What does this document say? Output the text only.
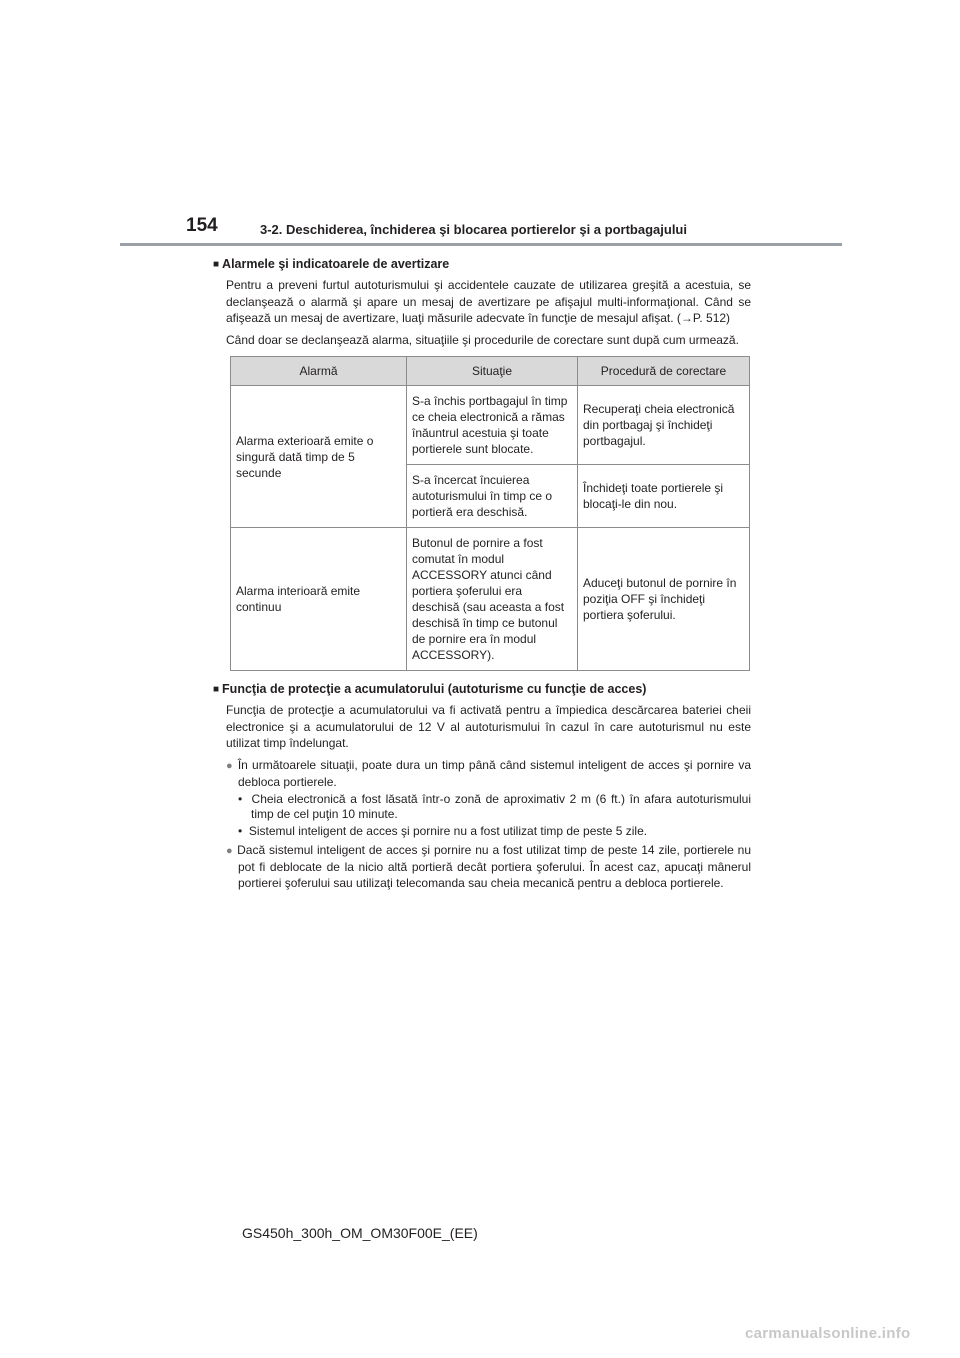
154	3-2. Deschiderea, închiderea şi blocarea portierelor şi a portbagajului
■ Alarmele şi indicatoarele de avertizare

Pentru a preveni furtul autoturismului şi accidentele cauzate de utilizarea greşită a acestuia, se declanşează o alarmă şi apare un mesaj de avertizare pe afişajul multi-informaţional. Când se afişează un mesaj de avertizare, luaţi măsurile adecvate în funcţie de mesajul afişat. (→P. 512)

Când doar se declanşează alarma, situaţiile şi procedurile de corectare sunt după cum urmează.

Alarmă	Situaţie	Procedură de corectare
Alarma exterioară emite o singură dată timp de 5 secunde	S-a închis portbagajul în timp ce cheia electronică a rămas înăuntrul acestuia şi toate portierele sunt blocate.	Recuperaţi cheia electronică din portbagaj şi închideţi portbagajul.
	S-a încercat încuierea autoturismului în timp ce o portieră era deschisă.	Închideţi toate portierele şi blocaţi-le din nou.
Alarma interioară emite continuu	Butonul de pornire a fost comutat în modul ACCESSORY atunci când portiera şoferului era deschisă (sau aceasta a fost deschisă în timp ce butonul de pornire era în modul ACCESSORY).	Aduceţi butonul de pornire în poziţia OFF şi închideţi portiera şoferului.
■ Funcţia de protecţie a acumulatorului (autoturisme cu funcţie de acces)

Funcţia de protecţie a acumulatorului va fi activată pentru a împiedica descărcarea bateriei cheii electronice şi a acumulatorului de 12 V al autoturismului în cazul în care autoturismul nu este utilizat timp îndelungat.

● În următoarele situaţii, poate dura un timp până când sistemul inteligent de acces şi pornire va debloca portierele.
•  Cheia electronică a fost lăsată într-o zonă de aproximativ 2 m (6 ft.) în afara autoturismului timp de cel puţin 10 minute.
•  Sistemul inteligent de acces şi pornire nu a fost utilizat timp de peste 5 zile.
● Dacă sistemul inteligent de acces şi pornire nu a fost utilizat timp de peste 14 zile, portierele nu pot fi deblocate de la nicio altă portieră decât portiera şoferului. În acest caz, apucaţi mânerul portierei şoferului sau utilizaţi telecomanda sau cheia mecanică pentru a debloca portierele.
GS450h_300h_OM_OM30F00E_(EE)
carmanualsonline.info
